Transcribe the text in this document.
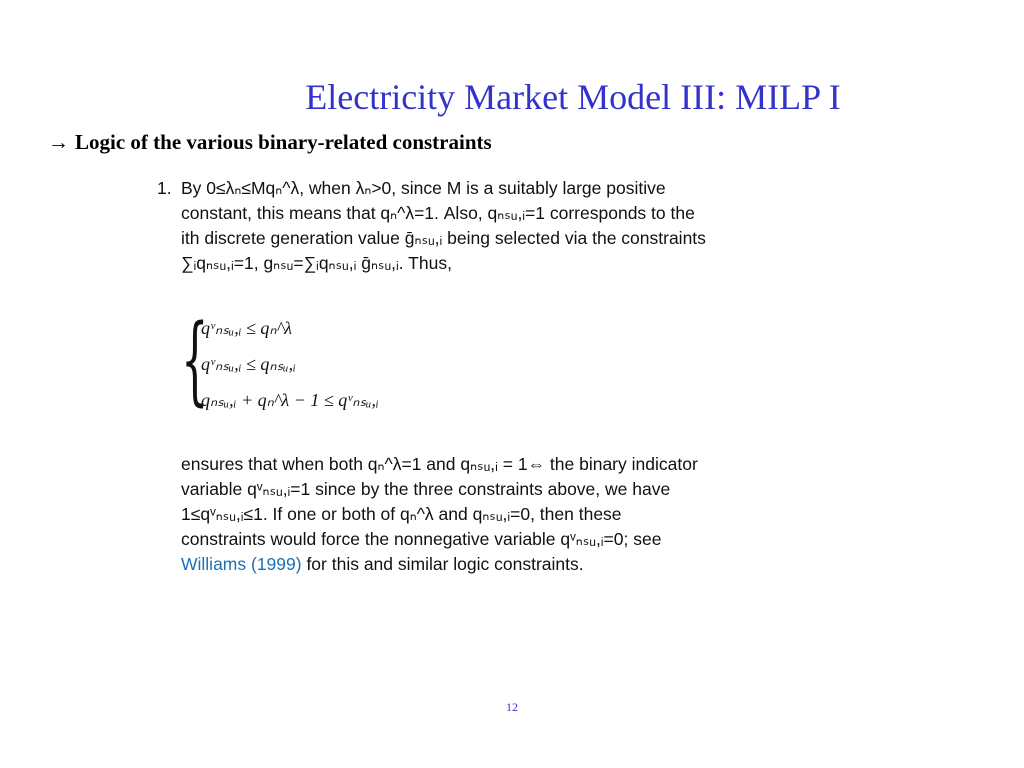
Electricity Market Model III: MILP I
→ Logic of the various binary-related constraints
1. By 0≤λₙ≤Mqₙ^λ, when λₙ>0, since M is a suitably large positive

constant, this means that qₙ^λ=1. Also, qₙₛᵤ,ᵢ=1 corresponds to the

ith discrete generation value ḡₙₛᵤ,ᵢ being selected via the constraints

∑ᵢqₙₛᵤ,ᵢ=1, gₙₛᵤ=∑ᵢqₙₛᵤ,ᵢ ḡₙₛᵤ,ᵢ. Thus,

{
qᵛₙₛᵤ,ᵢ ≤ qₙ^λ
qᵛₙₛᵤ,ᵢ ≤ qₙₛᵤ,ᵢ
qₙₛᵤ,ᵢ + qₙ^λ − 1 ≤ qᵛₙₛᵤ,ᵢ

ensures that when both qₙ^λ=1 and qₙₛᵤ,ᵢ = 1⇔ the binary indicator

variable qᵛₙₛᵤ,ᵢ=1 since by the three constraints above, we have

1≤qᵛₙₛᵤ,ᵢ≤1. If one or both of qₙ^λ and qₙₛᵤ,ᵢ=0, then these

constraints would force the nonnegative variable qᵛₙₛᵤ,ᵢ=0; see

Williams (1999) for this and similar logic constraints.

12
